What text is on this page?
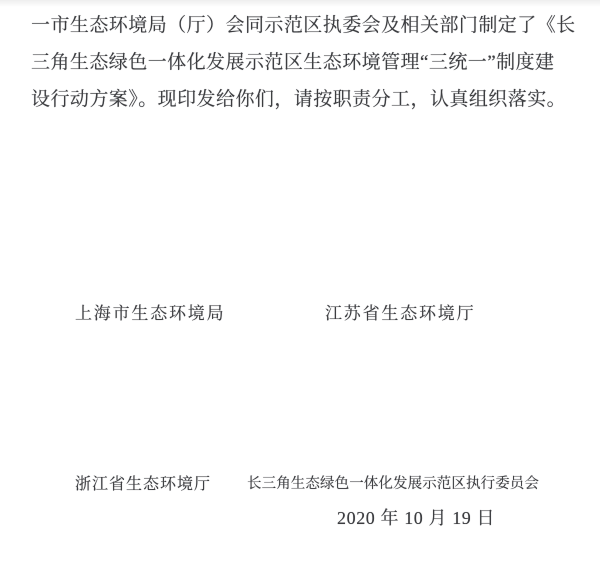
一市生态环境局（厅）会同示范区执委会及相关部门制定了《长
三角生态绿色一体化发展示范区生态环境管理“三统一”制度建
设行动方案》。现印发给你们，请按职责分工，认真组织落实。
上海市生态环境局	江苏省生态环境厅
浙江省生态环境厅 长三角生态绿色一体化发展示范区执行委员会
2020 年 10 月 19 日
